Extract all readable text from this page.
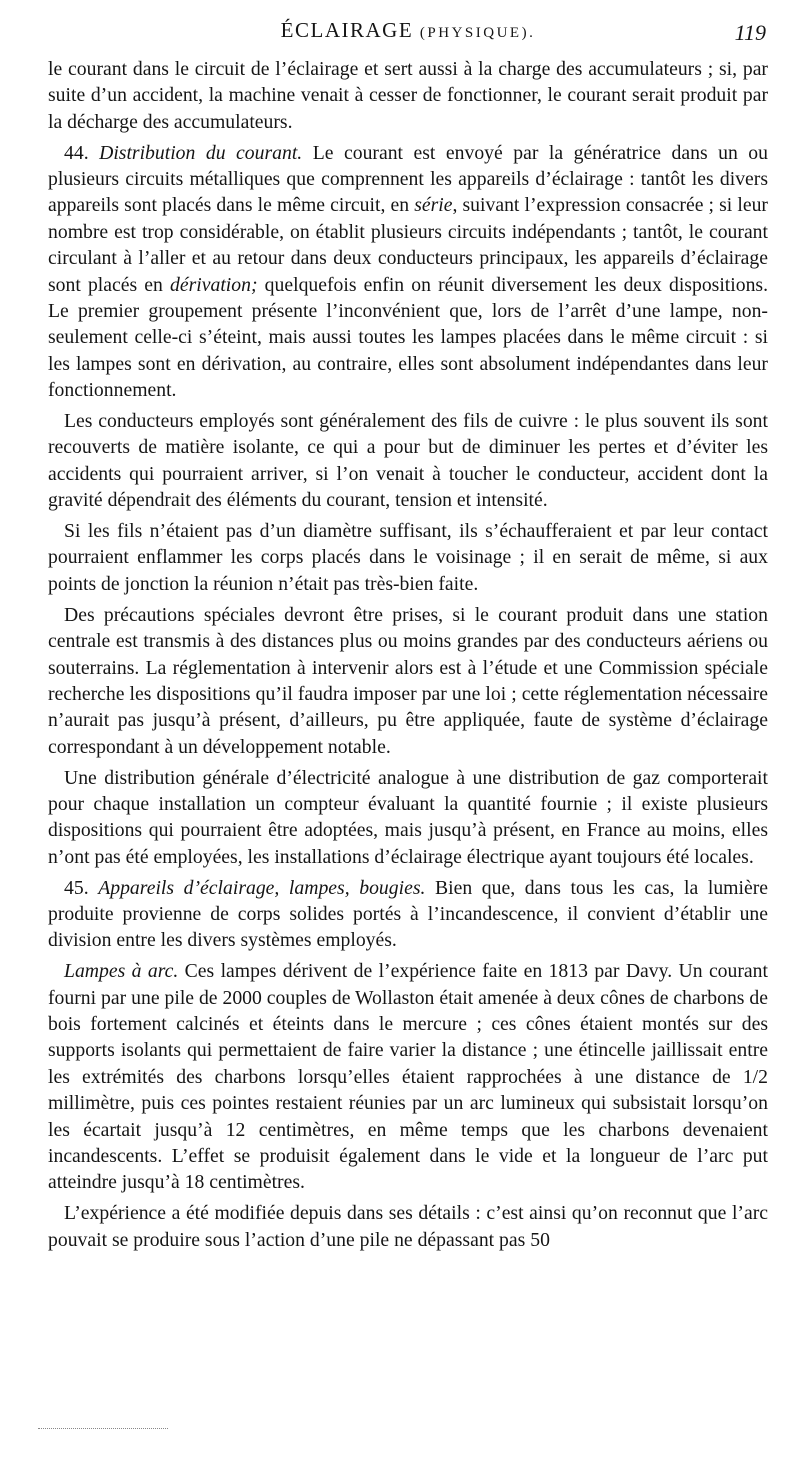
ÉCLAIRAGE (PHYSIQUE).	119

le courant dans le circuit de l’éclairage et sert aussi à la charge des accumulateurs ; si, par suite d’un accident, la machine venait à cesser de fonctionner, le courant serait produit par la décharge des accumulateurs.

44. Distribution du courant. Le courant est envoyé par la génératrice dans un ou plusieurs circuits métalliques que comprennent les appareils d’éclairage : tantôt les divers appareils sont placés dans le même circuit, en série, suivant l’expression consacrée ; si leur nombre est trop considérable, on établit plusieurs circuits indépendants ; tantôt, le courant circulant à l’aller et au retour dans deux conducteurs principaux, les appareils d’éclairage sont placés en dérivation; quelquefois enfin on réunit diversement les deux dispositions. Le premier groupement présente l’inconvénient que, lors de l’arrêt d’une lampe, non-seulement celle-ci s’éteint, mais aussi toutes les lampes placées dans le même circuit : si les lampes sont en dérivation, au contraire, elles sont absolument indépendantes dans leur fonctionnement.

Les conducteurs employés sont généralement des fils de cuivre : le plus souvent ils sont recouverts de matière isolante, ce qui a pour but de diminuer les pertes et d’éviter les accidents qui pourraient arriver, si l’on venait à toucher le conducteur, accident dont la gravité dépendrait des éléments du courant, tension et intensité.

Si les fils n’étaient pas d’un diamètre suffisant, ils s’échaufferaient et par leur contact pourraient enflammer les corps placés dans le voisinage ; il en serait de même, si aux points de jonction la réunion n’était pas très-bien faite.

Des précautions spéciales devront être prises, si le courant produit dans une station centrale est transmis à des distances plus ou moins grandes par des conducteurs aériens ou souterrains. La réglementation à intervenir alors est à l’étude et une Commission spéciale recherche les dispositions qu’il faudra imposer par une loi ; cette réglementation nécessaire n’aurait pas jusqu’à présent, d’ailleurs, pu être appliquée, faute de système d’éclairage correspondant à un développement notable.

Une distribution générale d’électricité analogue à une distribution de gaz comporterait pour chaque installation un compteur évaluant la quantité fournie ; il existe plusieurs dispositions qui pourraient être adoptées, mais jusqu’à présent, en France au moins, elles n’ont pas été employées, les installations d’éclairage électrique ayant toujours été locales.

45. Appareils d’éclairage, lampes, bougies. Bien que, dans tous les cas, la lumière produite provienne de corps solides portés à l’incandescence, il convient d’établir une division entre les divers systèmes employés.

Lampes à arc. Ces lampes dérivent de l’expérience faite en 1813 par Davy. Un courant fourni par une pile de 2000 couples de Wollaston était amenée à deux cônes de charbons de bois fortement calcinés et éteints dans le mercure ; ces cônes étaient montés sur des supports isolants qui permettaient de faire varier la distance ; une étincelle jaillissait entre les extrémités des charbons lorsqu’elles étaient rapprochées à une distance de 1/2 millimètre, puis ces pointes restaient réunies par un arc lumineux qui subsistait lorsqu’on les écartait jusqu’à 12 centimètres, en même temps que les charbons devenaient incandescents. L’effet se produisit également dans le vide et la longueur de l’arc put atteindre jusqu’à 18 centimètres.

L’expérience a été modifiée depuis dans ses détails : c’est ainsi qu’on reconnut que l’arc pouvait se produire sous l’action d’une pile ne dépassant pas 50
